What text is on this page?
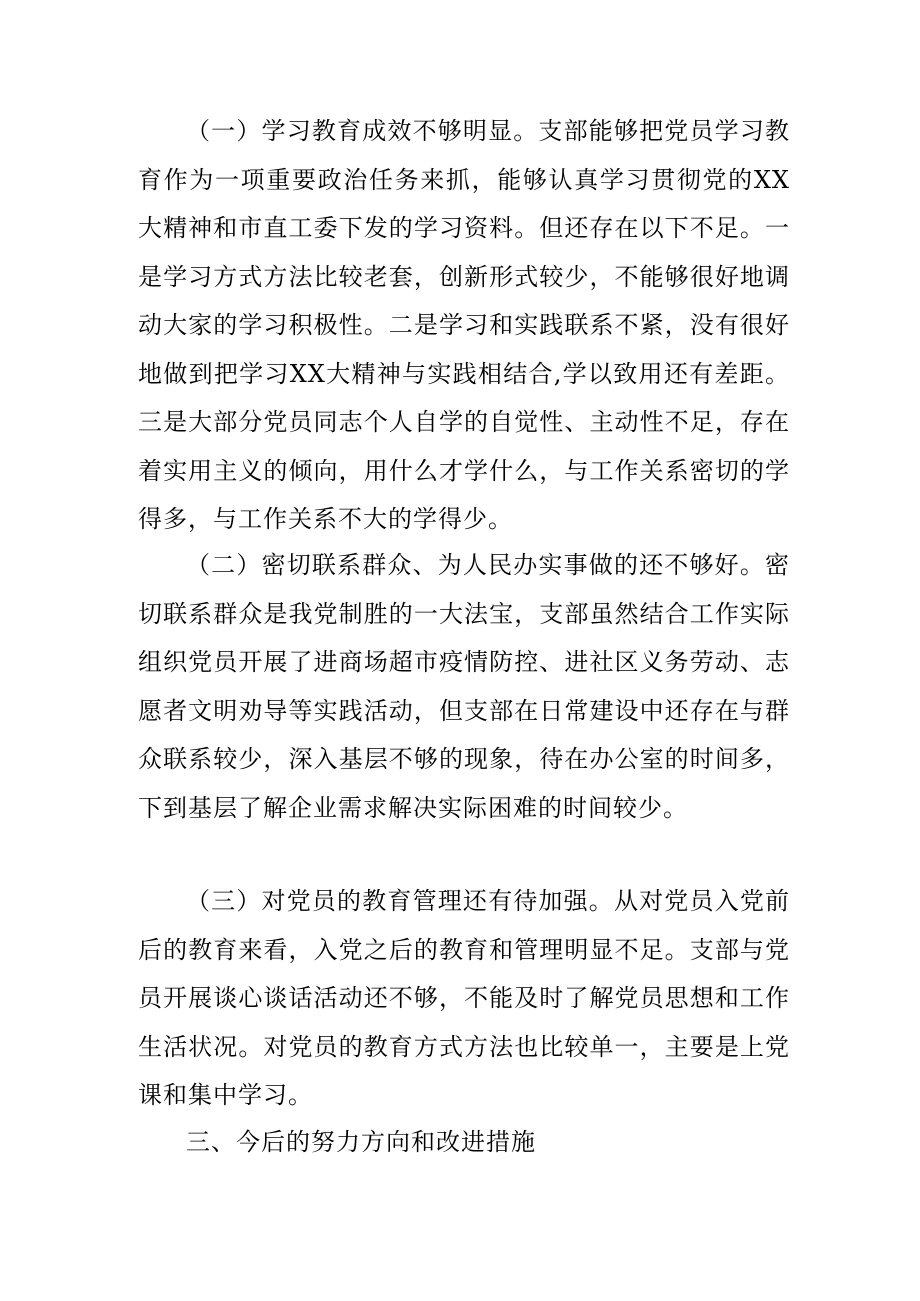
（一）学习教育成效不够明显。支部能够把党员学习教育作为一项重要政治任务来抓，能够认真学习贯彻党的XX大精神和市直工委下发的学习资料。但还存在以下不足。一是学习方式方法比较老套，创新形式较少，不能够很好地调动大家的学习积极性。二是学习和实践联系不紧，没有很好地做到把学习XX大精神与实践相结合,学以致用还有差距。三是大部分党员同志个人自学的自觉性、主动性不足，存在着实用主义的倾向，用什么才学什么，与工作关系密切的学得多，与工作关系不大的学得少。

（二）密切联系群众、为人民办实事做的还不够好。密切联系群众是我党制胜的一大法宝，支部虽然结合工作实际组织党员开展了进商场超市疫情防控、进社区义务劳动、志愿者文明劝导等实践活动，但支部在日常建设中还存在与群众联系较少，深入基层不够的现象，待在办公室的时间多，下到基层了解企业需求解决实际困难的时间较少。

（三）对党员的教育管理还有待加强。从对党员入党前后的教育来看，入党之后的教育和管理明显不足。支部与党员开展谈心谈话活动还不够，不能及时了解党员思想和工作生活状况。对党员的教育方式方法也比较单一，主要是上党课和集中学习。

三、今后的努力方向和改进措施
